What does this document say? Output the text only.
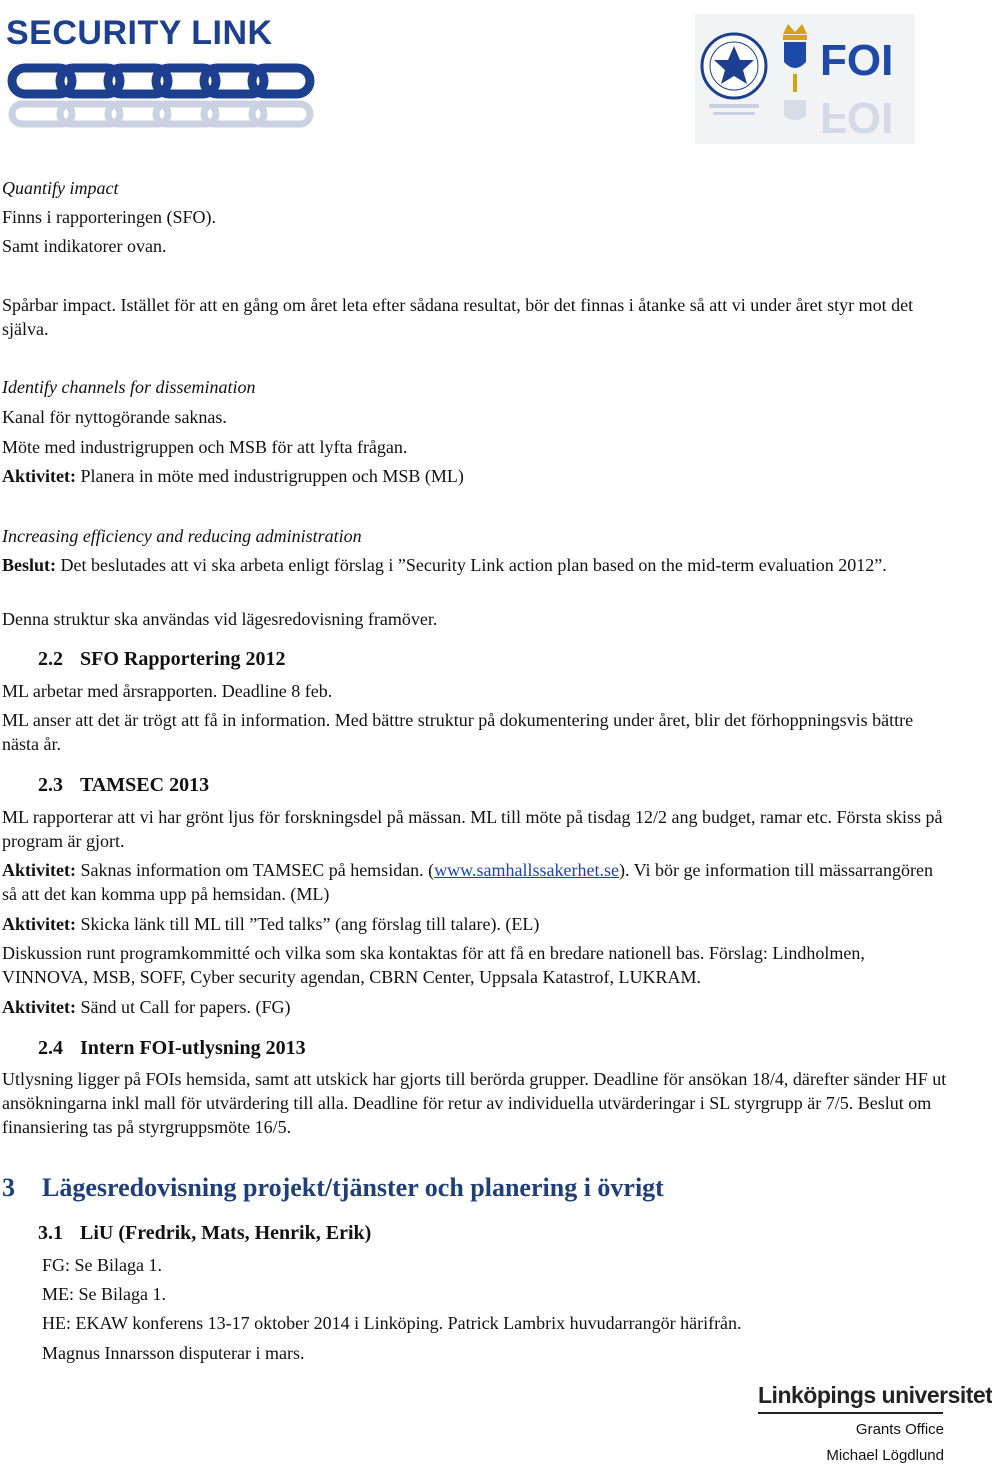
SECURITY LINK
FOI
FOI
Quantify impact
Finns i rapporteringen (SFO).
Samt indikatorer ovan.
Spårbar impact. Istället för att en gång om året leta efter sådana resultat, bör det finnas i åtanke så att vi under året styr mot det själva.
Identify channels for dissemination
Kanal för nyttogörande saknas.
Möte med industrigruppen och MSB för att lyfta frågan.
Aktivitet: Planera in möte med industrigruppen och MSB (ML)
Increasing efficiency and reducing administration
Beslut: Det beslutades att vi ska arbeta enligt förslag i ”Security Link action plan based on the mid-term evaluation 2012”.
Denna struktur ska användas vid lägesredovisning framöver.
2.2 SFO Rapportering 2012
ML arbetar med årsrapporten. Deadline 8 feb.
ML anser att det är trögt att få in information. Med bättre struktur på dokumentering under året, blir det förhoppningsvis bättre nästa år.
2.3 TAMSEC 2013
ML rapporterar att vi har grönt ljus för forskningsdel på mässan. ML till möte på tisdag 12/2 ang budget, ramar etc. Första skiss på program är gjort.
Aktivitet: Saknas information om TAMSEC på hemsidan. (www.samhallssakerhet.se). Vi bör ge information till mässarrangören så att det kan komma upp på hemsidan. (ML)
Aktivitet: Skicka länk till ML till ”Ted talks” (ang förslag till talare). (EL)
Diskussion runt programkommitté och vilka som ska kontaktas för att få en bredare nationell bas. Förslag: Lindholmen, VINNOVA, MSB, SOFF, Cyber security agendan, CBRN Center, Uppsala Katastrof, LUKRAM.
Aktivitet: Sänd ut Call for papers. (FG)
2.4 Intern FOI-utlysning 2013
Utlysning ligger på FOIs hemsida, samt att utskick har gjorts till berörda grupper. Deadline för ansökan 18/4, därefter sänder HF ut ansökningarna inkl mall för utvärdering till alla. Deadline för retur av individuella utvärderingar i SL styrgrupp är 7/5. Beslut om finansiering tas på styrgruppsmöte 16/5.
3 Lägesredovisning projekt/tjänster och planering i övrigt
3.1 LiU (Fredrik, Mats, Henrik, Erik)
FG: Se Bilaga 1.
ME: Se Bilaga 1.
HE: EKAW konferens 13-17 oktober 2014 i Linköping. Patrick Lambrix huvudarrangör härifrån.
Magnus Innarsson disputerar i mars.
Linköpings universitet
Grants Office
Michael Lögdlund
